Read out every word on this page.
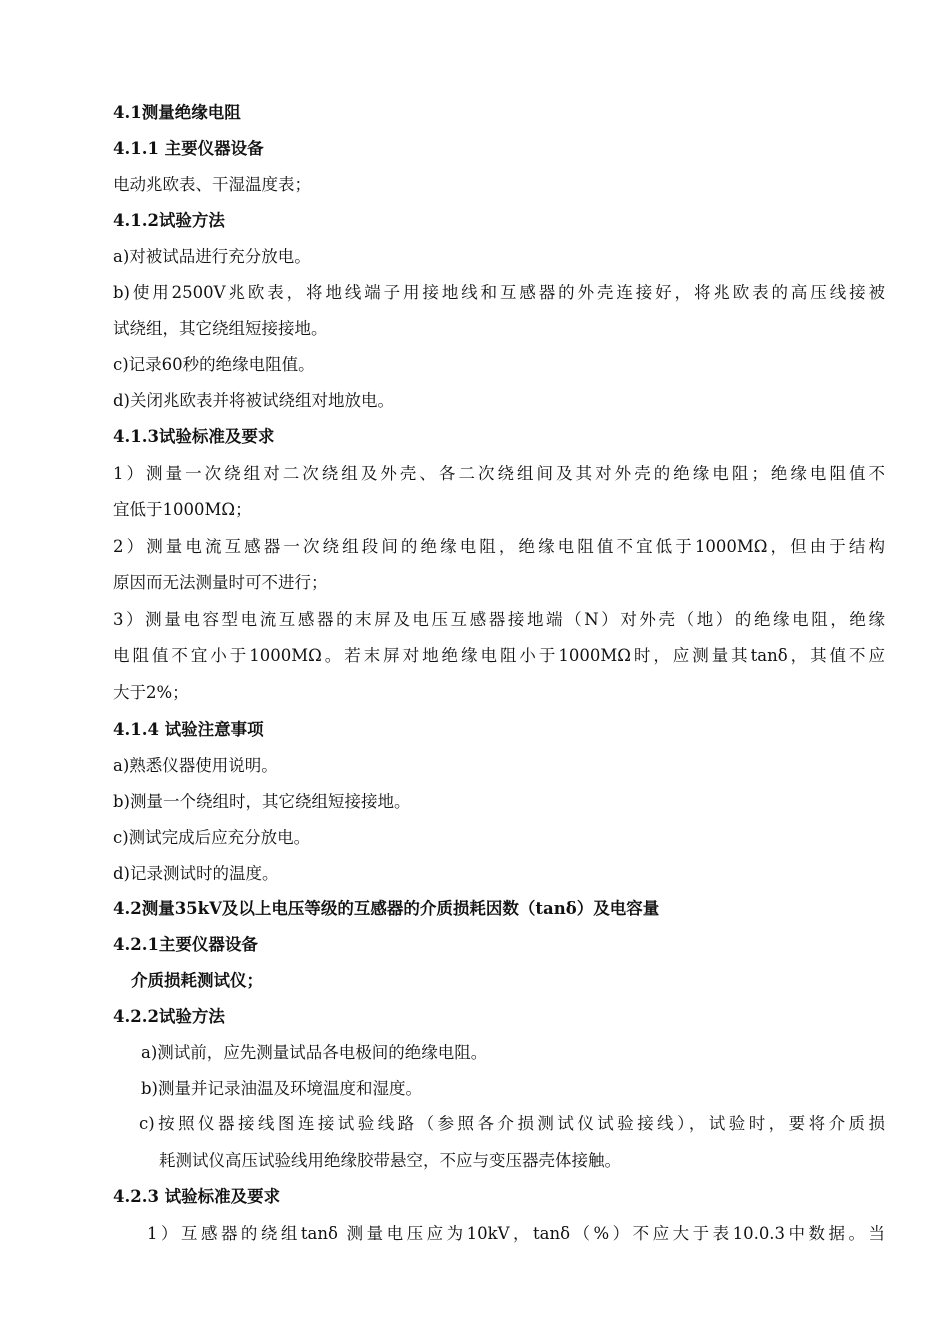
4.1测量绝缘电阻
4.1.1 主要仪器设备
电动兆欧表、干湿温度表；
4.1.2试验方法
a)对被试品进行充分放电。
b)使用2500V兆欧表，将地线端子用接地线和互感器的外壳连接好，将兆欧表的高压线接被
试绕组，其它绕组短接接地。
c)记录60秒的绝缘电阻值。
d)关闭兆欧表并将被试绕组对地放电。
4.1.3试验标准及要求
1）测量一次绕组对二次绕组及外壳、各二次绕组间及其对外壳的绝缘电阻；绝缘电阻值不
宜低于1000MΩ；
2）测量电流互感器一次绕组段间的绝缘电阻，绝缘电阻值不宜低于1000MΩ，但由于结构
原因而无法测量时可不进行；
3）测量电容型电流互感器的末屏及电压互感器接地端（N）对外壳（地）的绝缘电阻，绝缘
电阻值不宜小于1000MΩ。若末屏对地绝缘电阻小于1000MΩ时，应测量其tanδ，其值不应
大于2%；
4.1.4 试验注意事项
a)熟悉仪器使用说明。
b)测量一个绕组时，其它绕组短接接地。
c)测试完成后应充分放电。
d)记录测试时的温度。
4.2测量35kV及以上电压等级的互感器的介质损耗因数（tanδ）及电容量
4.2.1主要仪器设备
介质损耗测试仪；
4.2.2试验方法
a)测试前，应先测量试品各电极间的绝缘电阻。
b)测量并记录油温及环境温度和湿度。
c)按照仪器接线图连接试验线路（参照各介损测试仪试验接线），试验时，要将介质损
耗测试仪高压试验线用绝缘胶带悬空，不应与变压器壳体接触。
4.2.3 试验标准及要求
1）互感器的绕组tanδ 测量电压应为10kV，tanδ（%）不应大于表10.0.3中数据。当
